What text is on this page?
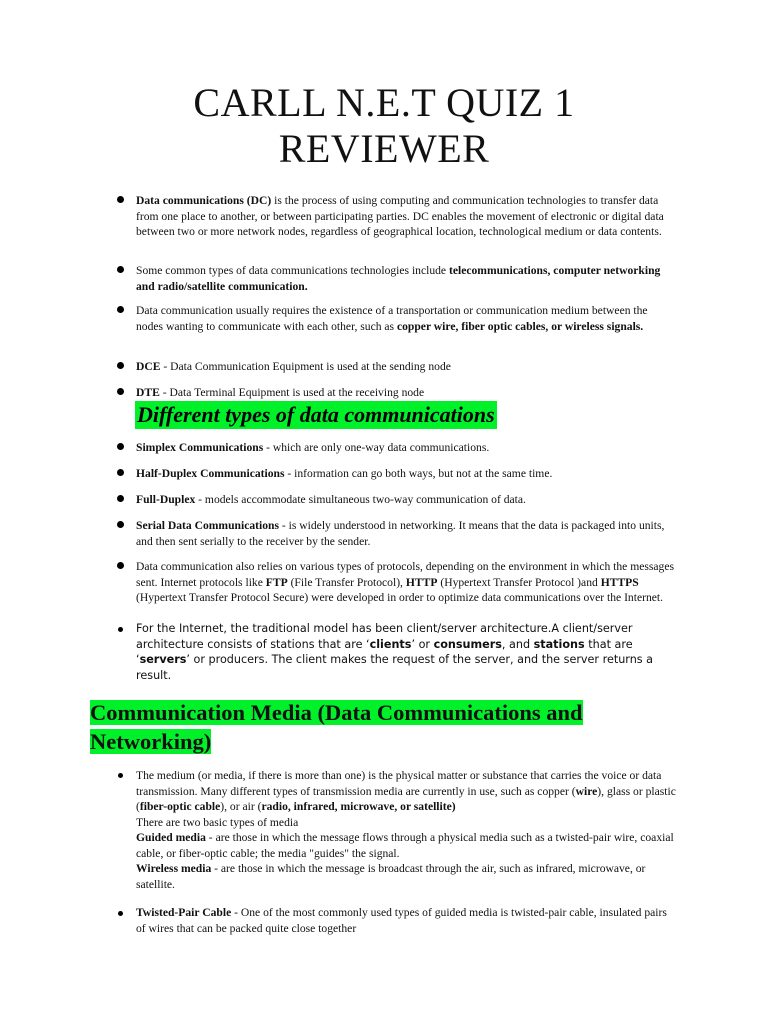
CARLL N.E.T QUIZ 1
REVIEWER
Data communications (DC) is the process of using computing and communication technologies to transfer data from one place to another, or between participating parties. DC enables the movement of electronic or digital data between two or more network nodes, regardless of geographical location, technological medium or data contents.
Some common types of data communications technologies include telecommunications, computer networking and radio/satellite communication.
Data communication usually requires the existence of a transportation or communication medium between the nodes wanting to communicate with each other, such as copper wire, fiber optic cables, or wireless signals.
DCE - Data Communication Equipment is used at the sending node
DTE - Data Terminal Equipment is used at the receiving node
Different types of data communications
Simplex Communications - which are only one-way data communications.
Half-Duplex Communications - information can go both ways, but not at the same time.
Full-Duplex - models accommodate simultaneous two-way communication of data.
Serial Data Communications - is widely understood in networking. It means that the data is packaged into units, and then sent serially to the receiver by the sender.
Data communication also relies on various types of protocols, depending on the environment in which the messages sent. Internet protocols like FTP (File Transfer Protocol), HTTP (Hypertext Transfer Protocol )and HTTPS (Hypertext Transfer Protocol Secure) were developed in order to optimize data communications over the Internet.
For the Internet, the traditional model has been client/server architecture.A client/server architecture consists of stations that are ‘clients’ or consumers, and stations that are ‘servers’ or producers. The client makes the request of the server, and the server returns a result.
Communication Media (Data Communications and Networking)
The medium (or media, if there is more than one) is the physical matter or substance that carries the voice or data transmission. Many different types of transmission media are currently in use, such as copper (wire), glass or plastic (fiber-optic cable), or air (radio, infrared, microwave, or satellite)
There are two basic types of media
Guided media - are those in which the message flows through a physical media such as a twisted-pair wire, coaxial cable, or fiber-optic cable; the media "guides" the signal.
Wireless media - are those in which the message is broadcast through the air, such as infrared, microwave, or satellite.
Twisted-Pair Cable - One of the most commonly used types of guided media is twisted-pair cable, insulated pairs of wires that can be packed quite close together
